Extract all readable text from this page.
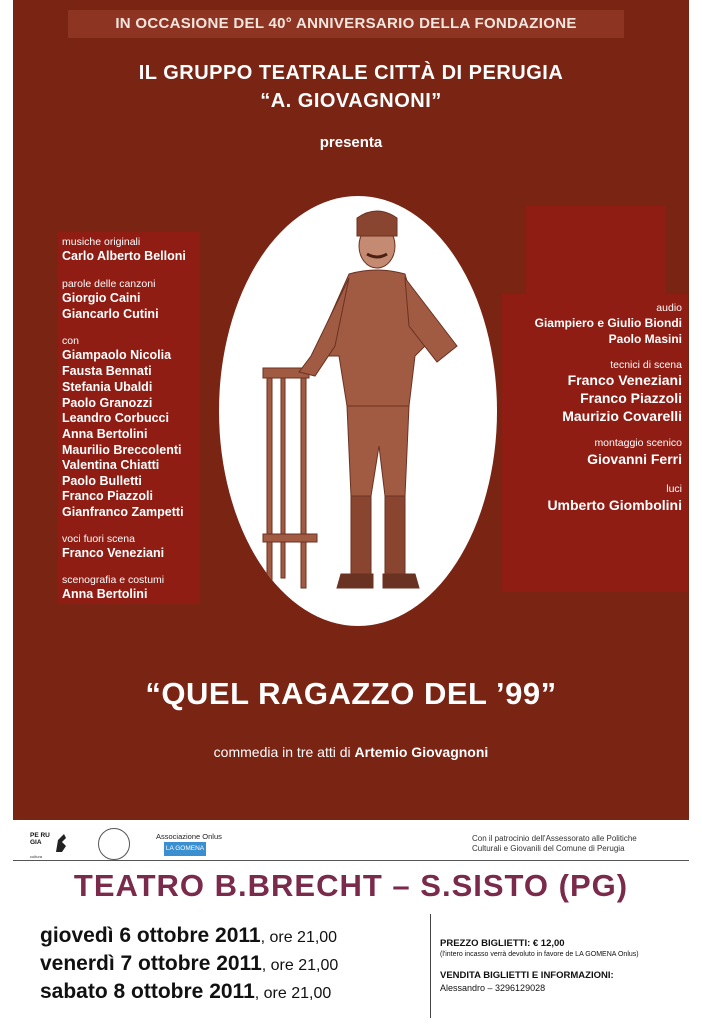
IN OCCASIONE DEL 40° ANNIVERSARIO DELLA FONDAZIONE
IL GRUPPO TEATRALE CITTÀ DI PERUGIA
“A. GIOVAGNONI”
presenta
musiche originali
Carlo Alberto Belloni
parole delle canzoni
Giorgio Caini
Giancarlo Cutini
con
Giampaolo Nicolia
Fausta Bennati
Stefania Ubaldi
Paolo Granozzi
Leandro Corbucci
Anna Bertolini
Maurilio Breccolenti
Valentina Chiatti
Paolo Bulletti
Franco Piazzoli
Gianfranco Zampetti
voci fuori scena
Franco Veneziani
scenografia e costumi
Anna Bertolini
audio
Giampiero e Giulio Biondi
Paolo Masini
tecnici di scena
Franco Veneziani
Franco Piazzoli
Maurizio Covarelli
montaggio scenico
Giovanni Ferri
luci
Umberto Giombolini
“QUEL RAGAZZO DEL ’99”
commedia in tre atti di Artemio Giovagnoni
PE RU GIA
cultura
Associazione Onlus
LA GOMENA
Con il patrocinio dell'Assessorato alle Politiche
Culturali e Giovanili del Comune di Perugia
TEATRO B.BRECHT – S.SISTO (PG)
giovedì 6 ottobre 2011, ore 21,00
venerdì 7 ottobre 2011, ore 21,00
sabato 8 ottobre 2011, ore 21,00
PREZZO BIGLIETTI: € 12,00
(l'intero incasso verrà devoluto in favore de LA GOMENA Onlus)
VENDITA BIGLIETTI E INFORMAZIONI:
Alessandro – 3296129028
